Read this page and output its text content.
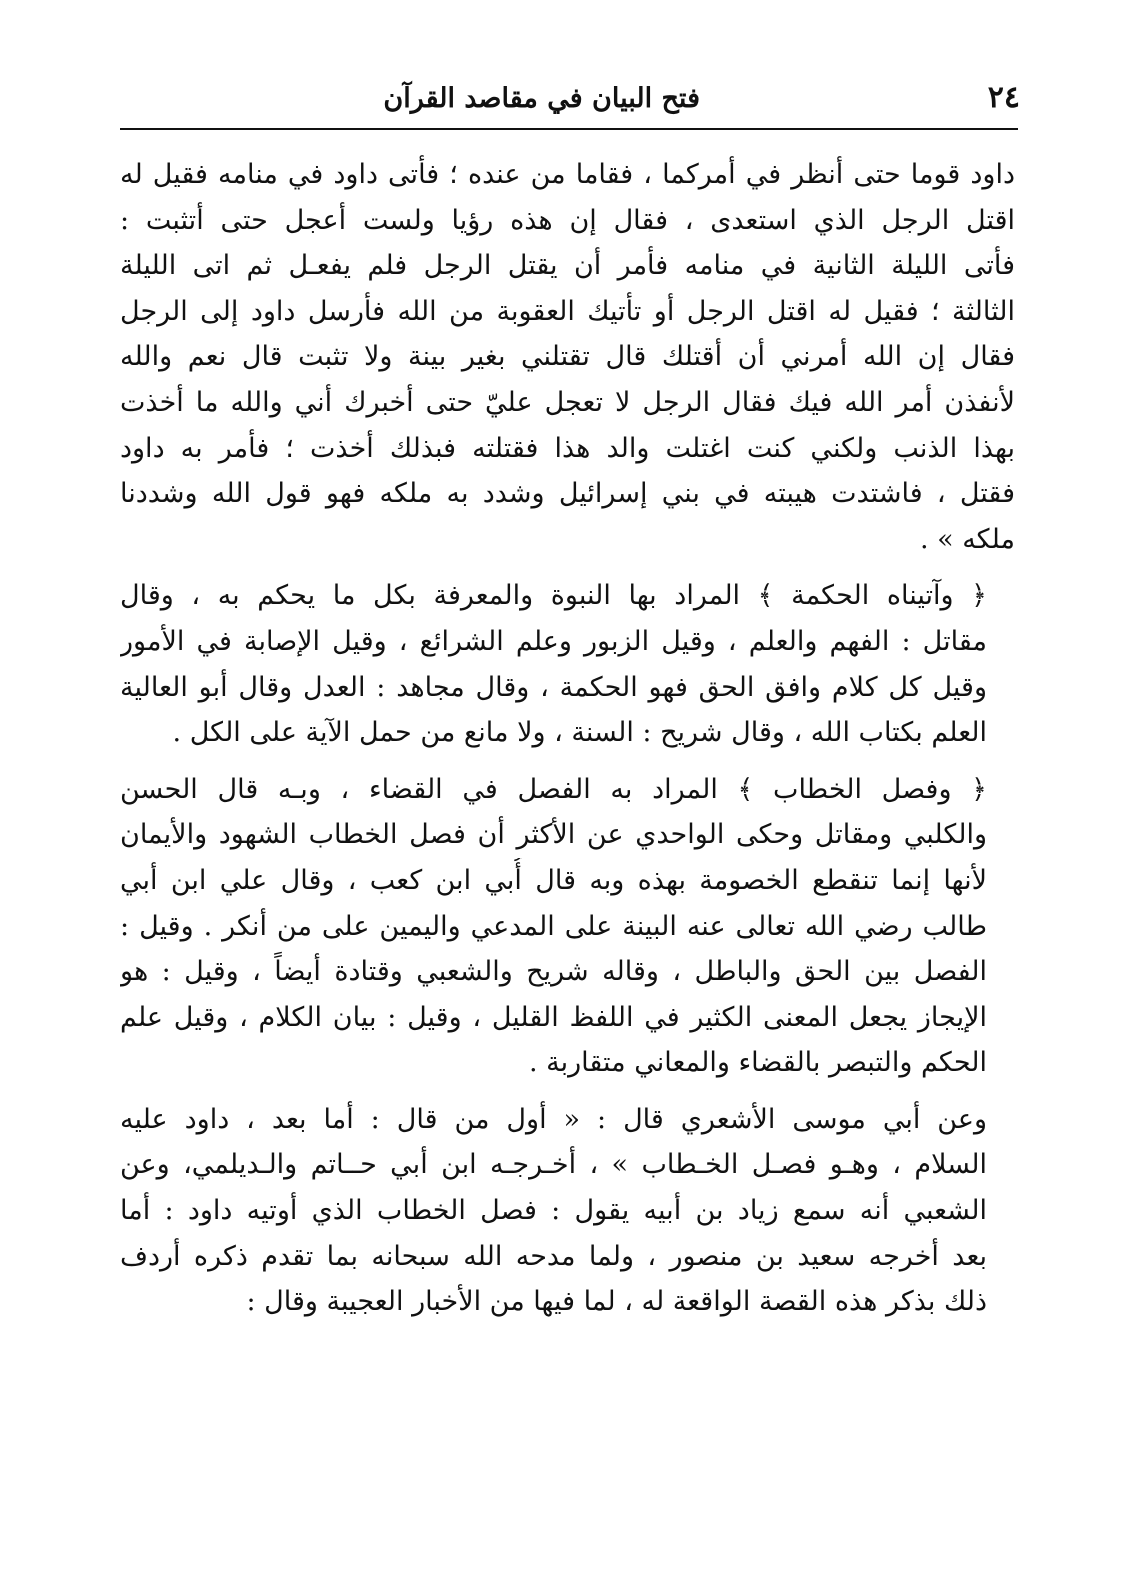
٢٤
فتح البيان في مقاصد القرآن

داود قوما حتى أنظر في أمركما ، فقاما من عنده ؛ فأتى داود في منامه فقيل له
اقتل الرجل الذي استعدى ، فقال إن هذه رؤيا ولست أعجل حتى أتثبت :
فأتى الليلة الثانية في منامه فأمر أن يقتل الرجل فلم يفعـل ثم اتى الليلة
الثالثة ؛ فقيل له اقتل الرجل أو تأتيك العقوبة من الله فأرسل داود إلى الرجل
فقال إن الله أمرني أن أقتلك قال تقتلني بغير بينة ولا تثبت قال نعم والله
لأنفذن أمر الله فيك فقال الرجل لا تعجل عليّ حتى أخبرك أني والله ما أخذت
بهذا الذنب ولكني كنت اغتلت والد هذا فقتلته فبذلك أخذت ؛ فأمر به داود
فقتل ، فاشتدت هيبته في بني إسرائيل وشدد به ملكه فهو قول الله وشددنا
ملكه » .

﴿ وآتيناه الحكمة ﴾ المراد بها النبوة والمعرفة بكل ما يحكم به ، وقال
مقاتل : الفهم والعلم ، وقيل الزبور وعلم الشرائع ، وقيل الإصابة في الأمور
وقيل كل كلام وافق الحق فهو الحكمة ، وقال مجاهد : العدل وقال أبو العالية
العلم بكتاب الله ، وقال شريح : السنة ، ولا مانع من حمل الآية على الكل .

﴿ وفصل الخطاب ﴾ المراد به الفصل في القضاء ، وبـه قال الحسن
والكلبي ومقاتل وحكى الواحدي عن الأكثر أن فصل الخطاب الشهود والأيمان
لأنها إنما تنقطع الخصومة بهذه وبه قال أُبي ابن كعب ، وقال علي ابن أبي
طالب رضي الله تعالى عنه البينة على المدعي واليمين على من أنكر . وقيل :
الفصل بين الحق والباطل ، وقاله شريح والشعبي وقتادة أيضاً ، وقيل : هو
الإيجاز يجعل المعنى الكثير في اللفظ القليل ، وقيل : بيان الكلام ، وقيل علم
الحكم والتبصر بالقضاء والمعاني متقاربة .

وعن أبي موسى الأشعري قال : « أول من قال : أما بعد ، داود عليه
السلام ، وهـو فصـل الخـطاب » ، أخـرجـه ابن أبي حــاتم والـديلمي، وعن
الشعبي أنه سمع زياد بن أبيه يقول : فصل الخطاب الذي أوتيه داود : أما
بعد أخرجه سعيد بن منصور ، ولما مدحه الله سبحانه بما تقدم ذكره أردف
ذلك بذكر هذه القصة الواقعة له ، لما فيها من الأخبار العجيبة وقال :
